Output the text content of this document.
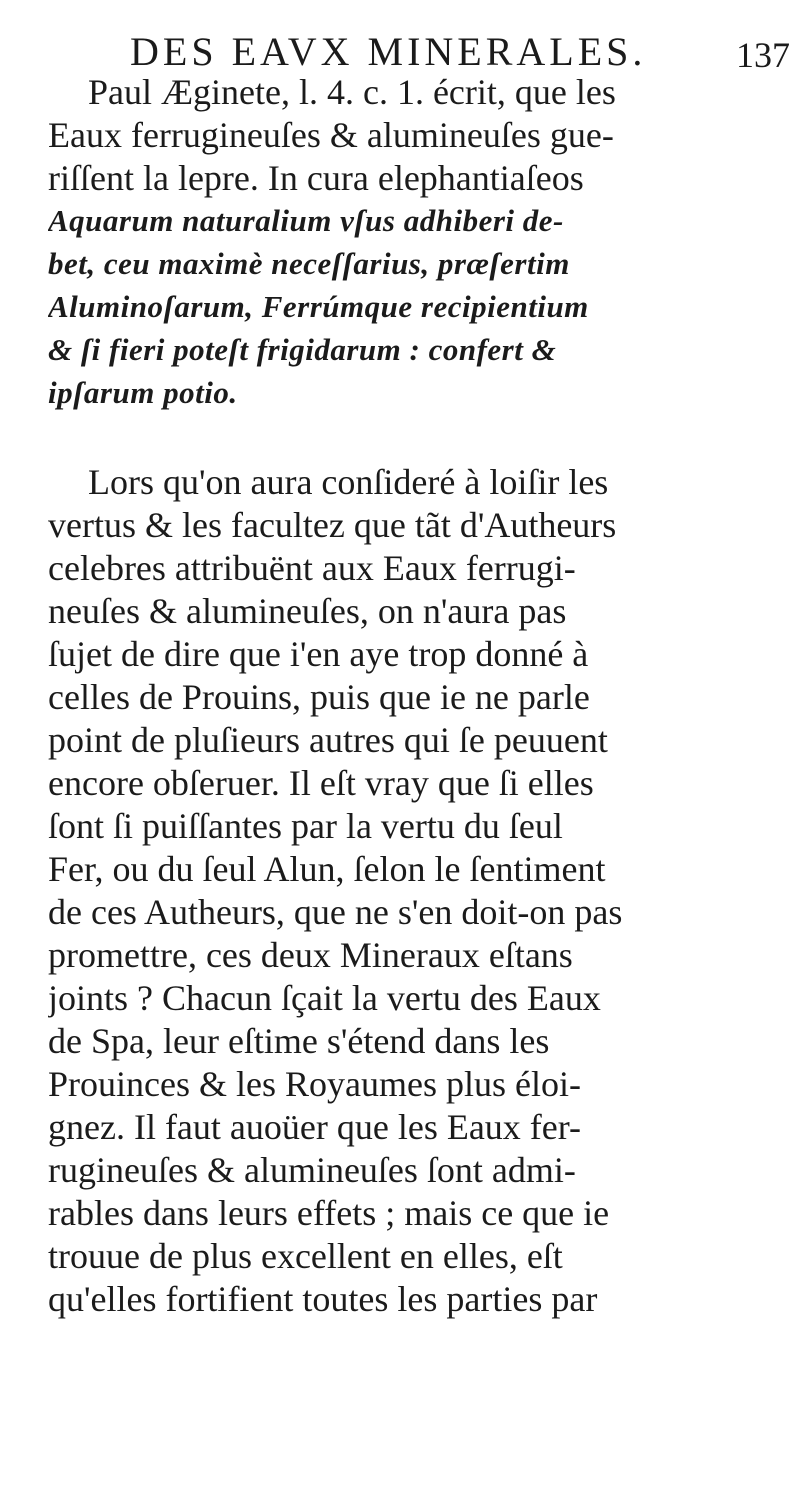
DES EAVX MINERALES. 137
Paul Æginete, l. 4. c. 1. écrit, que les
Eaux ferrugineuſes & alumineuſes gue-
riſſent la lepre. In cura elephantiaſeos
Aquarum naturalium vſus adhiberi de-
bet, ceu maximè neceſſarius, præſertim
Aluminoſarum, Ferrúmque recipientium
& ſi fieri poteſt frigidarum : confert &
ipſarum potio.
Lors qu'on aura conſideré à loiſir les
vertus & les facultez que tãt d'Autheurs
celebres attribuënt aux Eaux ferrugi-
neuſes & alumineuſes, on n'aura pas
ſujet de dire que i'en aye trop donné à
celles de Prouins, puis que ie ne parle
point de pluſieurs autres qui ſe peuuent
encore obſeruer. Il eſt vray que ſi elles
ſont ſi puiſſantes par la vertu du ſeul
Fer, ou du ſeul Alun, ſelon le ſentiment
de ces Autheurs, que ne s'en doit-on pas
promettre, ces deux Mineraux eſtans
joints ? Chacun ſçait la vertu des Eaux
de Spa, leur eſtime s'étend dans les
Prouinces & les Royaumes plus éloi-
gnez. Il faut auoüer que les Eaux fer-
rugineuſes & alumineuſes ſont admi-
rables dans leurs effets ; mais ce que ie
trouue de plus excellent en elles, eſt
qu'elles fortifient toutes les parties par
